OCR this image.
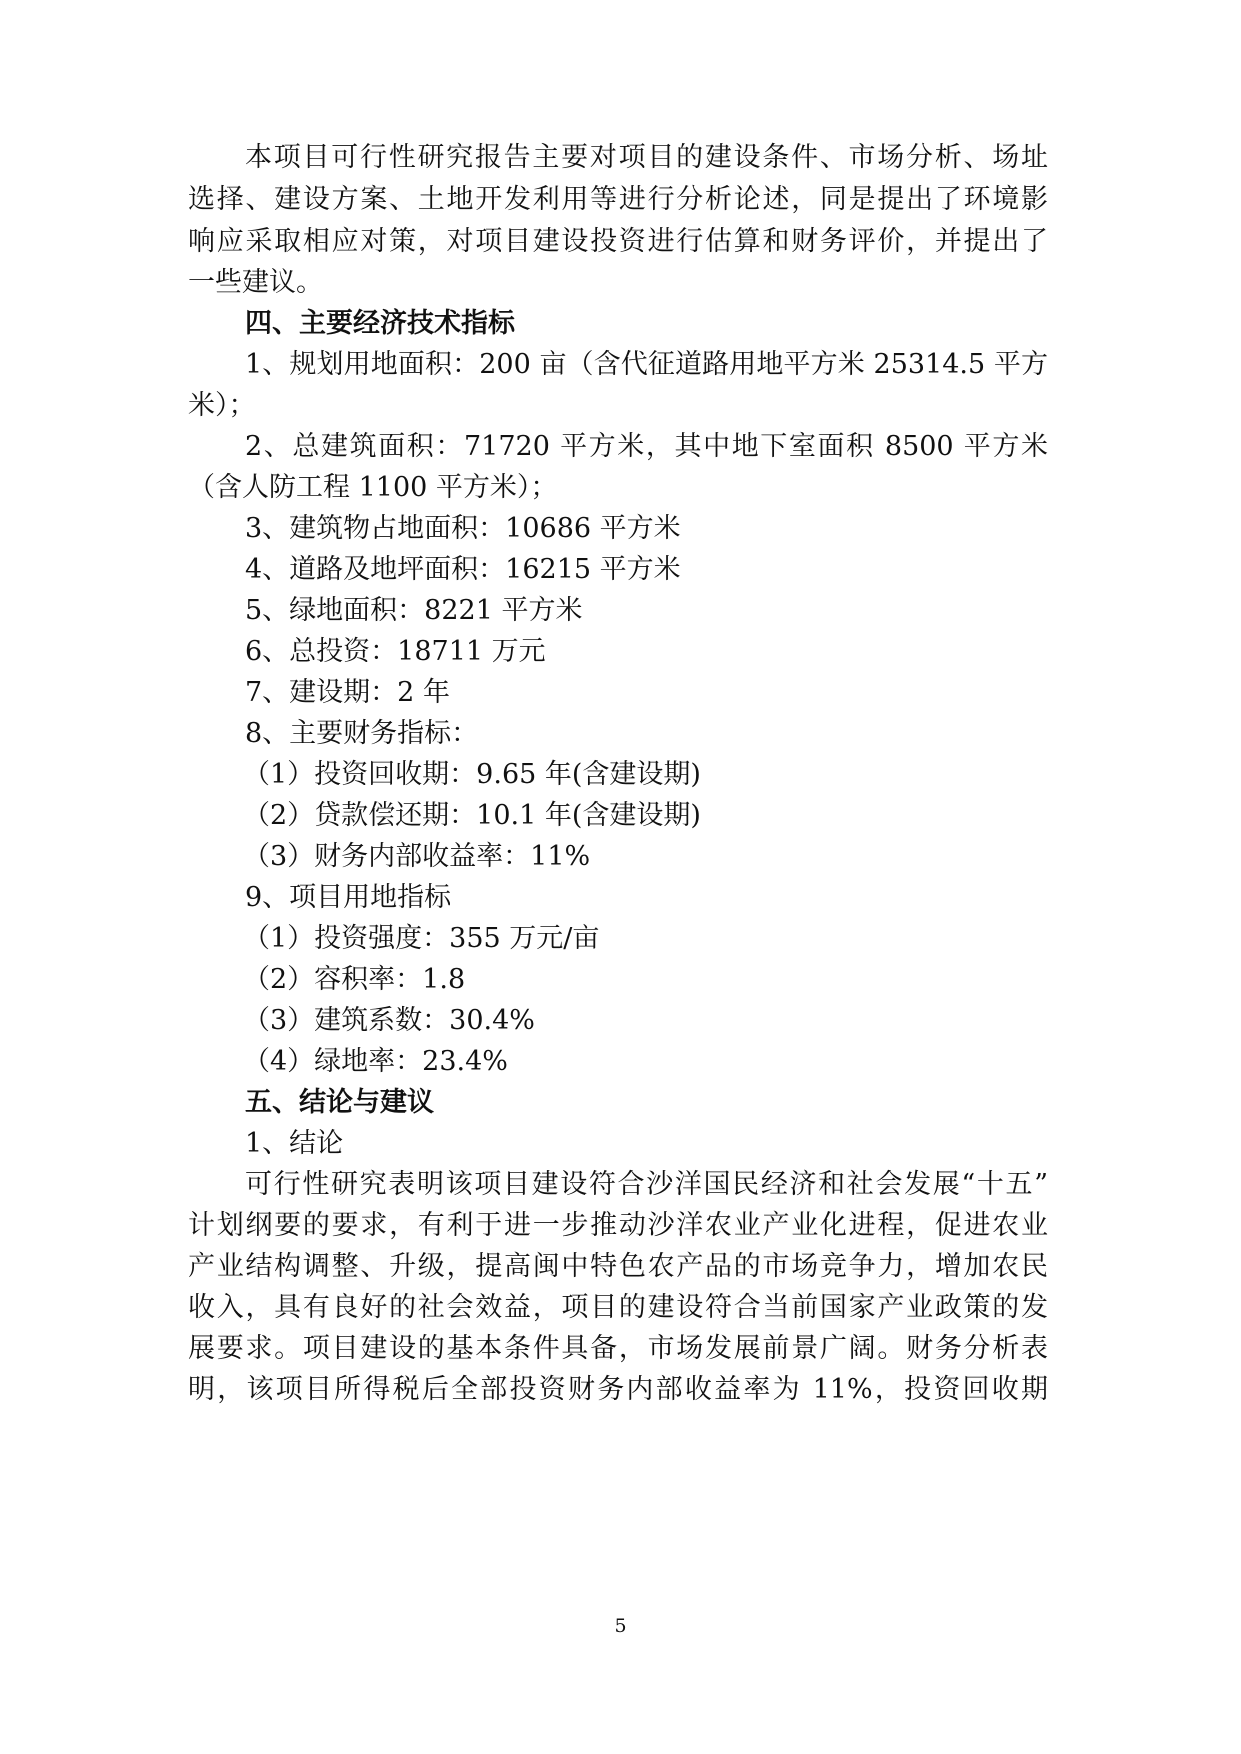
本项目可行性研究报告主要对项目的建设条件、市场分析、场址
选择、建设方案、土地开发利用等进行分析论述，同是提出了环境影
响应采取相应对策，对项目建设投资进行估算和财务评价，并提出了
一些建议。
四、主要经济技术指标
1、规划用地面积：200 亩（含代征道路用地平方米 25314.5 平方
米）；
2、总建筑面积：71720 平方米，其中地下室面积 8500 平方米
（含人防工程 1100 平方米）；
3、建筑物占地面积：10686 平方米
4、道路及地坪面积：16215 平方米
5、绿地面积：8221 平方米
6、总投资：18711 万元
7、建设期：2 年
8、主要财务指标：
（1）投资回收期：9.65 年(含建设期)
（2）贷款偿还期：10.1 年(含建设期)
（3）财务内部收益率：11%
9、项目用地指标
（1）投资强度：355 万元/亩
（2）容积率：1.8
（3）建筑系数：30.4%
（4）绿地率：23.4%
五、结论与建议
1、结论
可行性研究表明该项目建设符合沙洋国民经济和社会发展“十五”
计划纲要的要求，有利于进一步推动沙洋农业产业化进程，促进农业
产业结构调整、升级，提高闽中特色农产品的市场竞争力，增加农民
收入，具有良好的社会效益，项目的建设符合当前国家产业政策的发
展要求。项目建设的基本条件具备，市场发展前景广阔。财务分析表
明，该项目所得税后全部投资财务内部收益率为 11%，投资回收期
5
